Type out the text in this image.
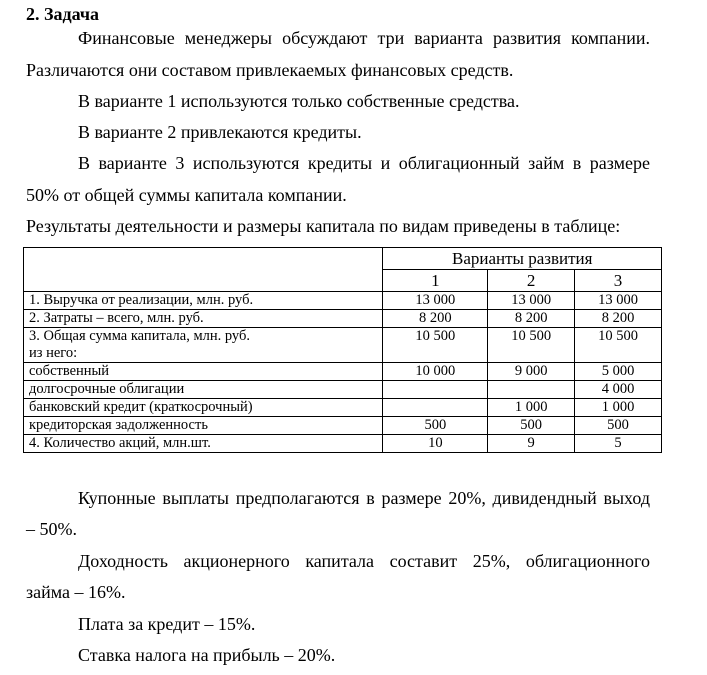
2. Задача
Финансовые менеджеры обсуждают три варианта развития компании.
Различаются они составом привлекаемых финансовых средств.
В варианте 1 используются только собственные средства.
В варианте 2 привлекаются кредиты.
В варианте 3 используются кредиты и облигационный займ в размере
50% от общей суммы капитала компании.
Результаты деятельности и размеры капитала по видам приведены в таблице:
	Варианты развития		
	1	2	3
1. Выручка от реализации, млн. руб.	13 000	13 000	13 000
2. Затраты – всего, млн. руб.	8 200	8 200	8 200

3. Общая сумма капитала, млн. руб.
из него:	10 500	10 500	10 500
собственный	10 000	9 000	5 000
долгосрочные облигации			4 000
банковский кредит (краткосрочный)		1 000	1 000
кредиторская задолженность	500	500	500
4. Количество акций, млн.шт.	10	9	5
Купонные выплаты предполагаются в размере 20%, дивидендный выход
– 50%.
Доходность акционерного капитала составит 25%, облигационного
займа – 16%.
Плата за кредит – 15%.
Ставка налога на прибыль – 20%.
